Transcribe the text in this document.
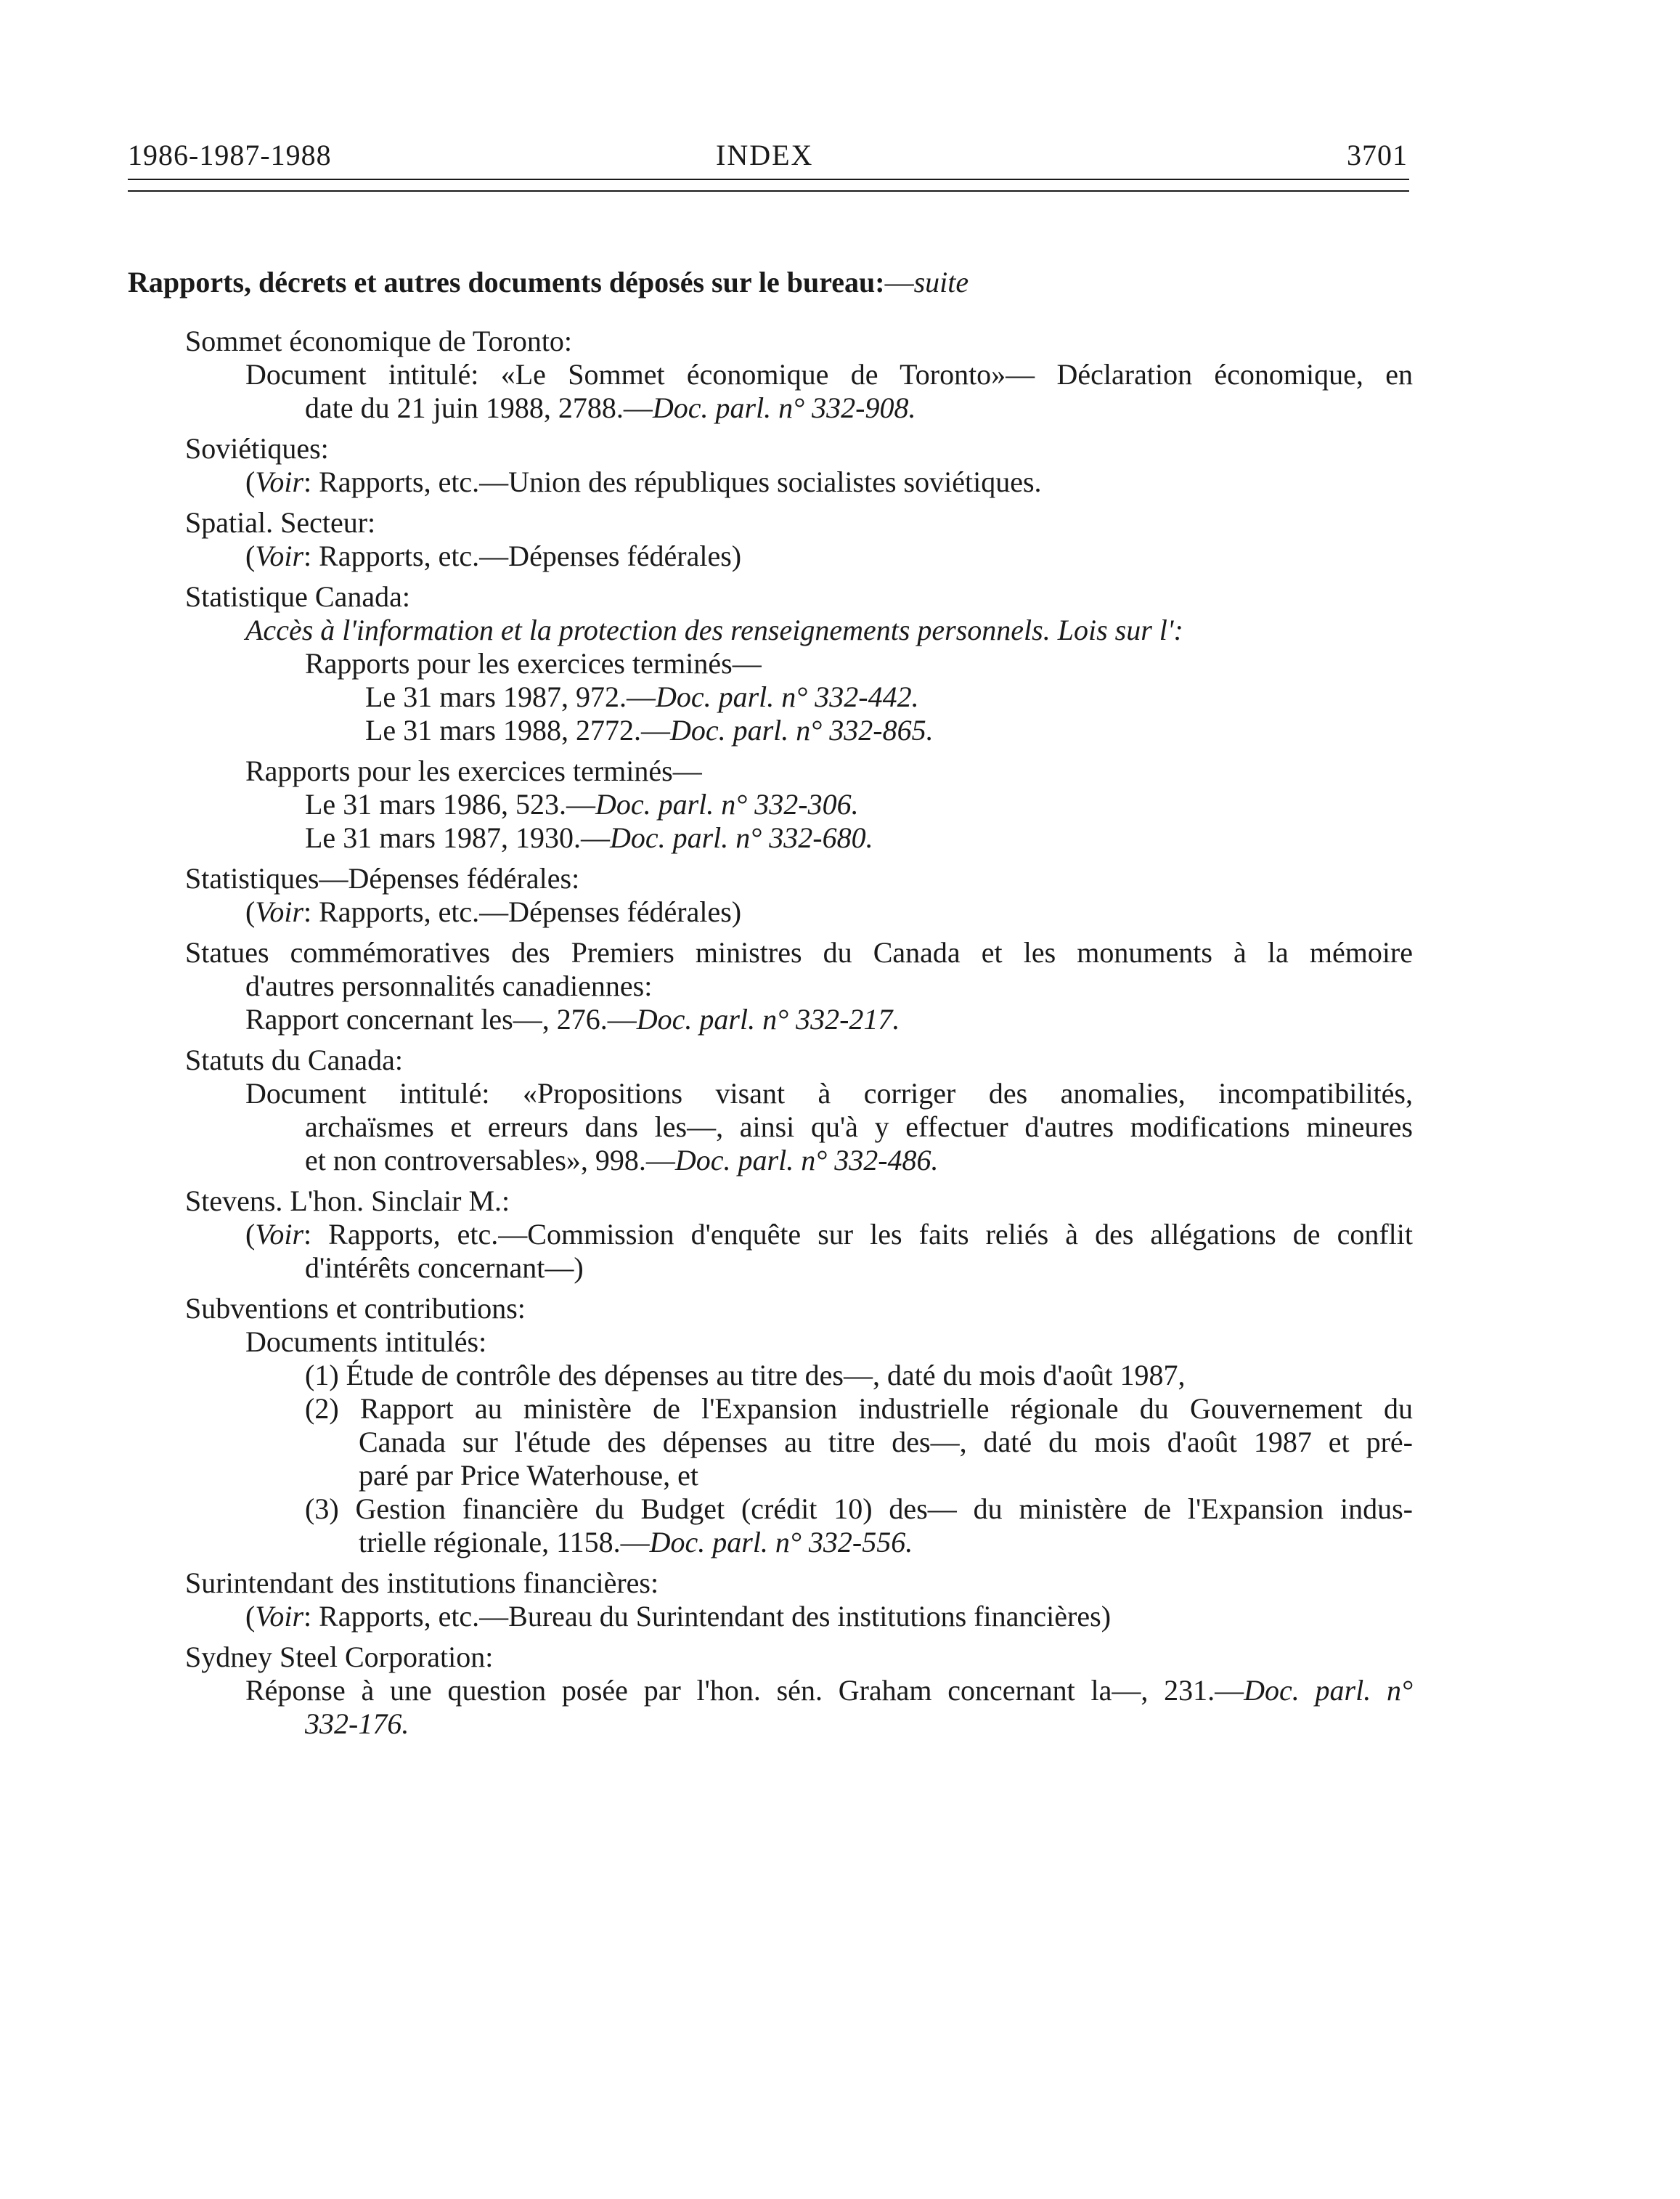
1986-1987-1988	INDEX	3701
Rapports, décrets et autres documents déposés sur le bureau:—suite
Sommet économique de Toronto:
Document intitulé: «Le Sommet économique de Toronto»— Déclaration économique, en
date du 21 juin 1988, 2788.—Doc. parl. n° 332-908.
Soviétiques:
(Voir: Rapports, etc.—Union des républiques socialistes soviétiques.
Spatial. Secteur:
(Voir: Rapports, etc.—Dépenses fédérales)
Statistique Canada:
Accès à l'information et la protection des renseignements personnels. Lois sur l':
Rapports pour les exercices terminés—
Le 31 mars 1987, 972.—Doc. parl. n° 332-442.
Le 31 mars 1988, 2772.—Doc. parl. n° 332-865.
Rapports pour les exercices terminés—
Le 31 mars 1986, 523.—Doc. parl. n° 332-306.
Le 31 mars 1987, 1930.—Doc. parl. n° 332-680.
Statistiques—Dépenses fédérales:
(Voir: Rapports, etc.—Dépenses fédérales)
Statues commémoratives des Premiers ministres du Canada et les monuments à la mémoire
d'autres personnalités canadiennes:
Rapport concernant les—, 276.—Doc. parl. n° 332-217.
Statuts du Canada:
Document intitulé: «Propositions visant à corriger des anomalies, incompatibilités,
archaïsmes et erreurs dans les—, ainsi qu'à y effectuer d'autres modifications mineures
et non controversables», 998.—Doc. parl. n° 332-486.
Stevens. L'hon. Sinclair M.:
(Voir: Rapports, etc.—Commission d'enquête sur les faits reliés à des allégations de conflit
d'intérêts concernant—)
Subventions et contributions:
Documents intitulés:
(1) Étude de contrôle des dépenses au titre des—, daté du mois d'août 1987,
(2) Rapport au ministère de l'Expansion industrielle régionale du Gouvernement du
Canada sur l'étude des dépenses au titre des—, daté du mois d'août 1987 et pré-
paré par Price Waterhouse, et
(3) Gestion financière du Budget (crédit 10) des— du ministère de l'Expansion indus-
trielle régionale, 1158.—Doc. parl. n° 332-556.
Surintendant des institutions financières:
(Voir: Rapports, etc.—Bureau du Surintendant des institutions financières)
Sydney Steel Corporation:
Réponse à une question posée par l'hon. sén. Graham concernant la—, 231.—Doc. parl. n°
332-176.
